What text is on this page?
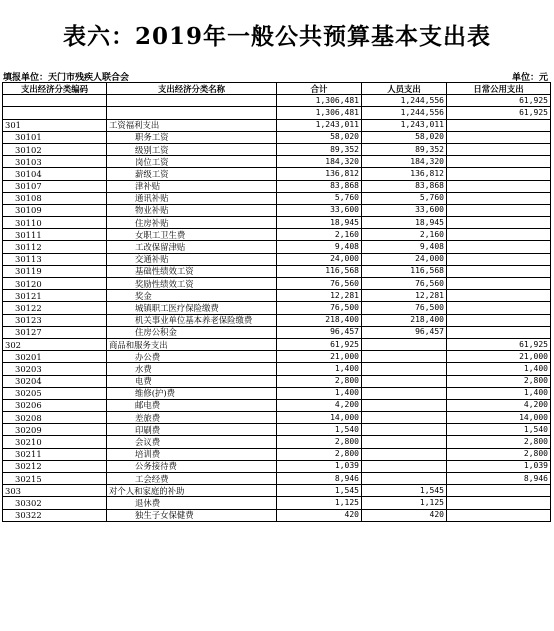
表六：2019年一般公共预算基本支出表
填报单位：天门市残疾人联合会	单位：元
支出经济分类编码	支出经济分类名称	合计	人员支出	日常公用支出
		1,306,481	1,244,556	61,925
		1,306,481	1,244,556	61,925
301	工资福利支出	1,243,011	1,243,011	
30101	职务工资	58,020	58,020	
30102	级别工资	89,352	89,352	
30103	岗位工资	184,320	184,320	
30104	薪级工资	136,812	136,812	
30107	津补贴	83,868	83,868	
30108	通讯补贴	5,760	5,760	
30109	物业补贴	33,600	33,600	
30110	住房补贴	18,945	18,945	
30111	女职工卫生费	2,160	2,160	
30112	工改保留津贴	9,408	9,408	
30113	交通补贴	24,000	24,000	
30119	基础性绩效工资	116,568	116,568	
30120	奖励性绩效工资	76,560	76,560	
30121	奖金	12,281	12,281	
30122	城镇职工医疗保险缴费	76,500	76,500	
30123	机关事业单位基本养老保险缴费	218,400	218,400	
30127	住房公积金	96,457	96,457	
302	商品和服务支出	61,925		61,925
30201	办公费	21,000		21,000
30203	水费	1,400		1,400
30204	电费	2,800		2,800
30205	维修(护)费	1,400		1,400
30206	邮电费	4,200		4,200
30208	差旅费	14,000		14,000
30209	印刷费	1,540		1,540
30210	会议费	2,800		2,800
30211	培训费	2,800		2,800
30212	公务接待费	1,039		1,039
30215	工会经费	8,946		8,946
303	对个人和家庭的补助	1,545	1,545	
30302	退休费	1,125	1,125	
30322	独生子女保健费	420	420	
